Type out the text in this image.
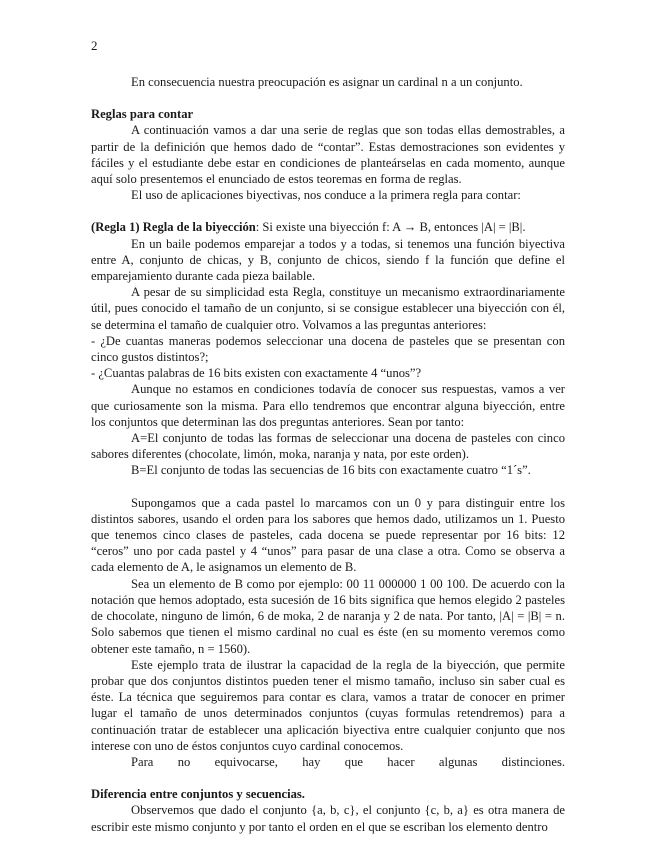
2

En consecuencia nuestra preocupación es asignar un cardinal n a un conjunto.

Reglas para contar

A continuación vamos a dar una serie de reglas que son todas ellas demostrables, a partir de la definición que hemos dado de “contar”. Estas demostraciones son evidentes y fáciles y el estudiante debe estar en condiciones de planteárselas en cada momento, aunque aquí solo presentemos el enunciado de estos teoremas en forma de reglas.

El uso de aplicaciones biyectivas, nos conduce a la primera regla para contar:

(Regla 1) Regla de la biyección: Si existe una biyección f: A → B, entonces |A| = |B|.

En un baile podemos emparejar a todos y a todas, si tenemos una función biyectiva entre A, conjunto de chicas, y B, conjunto de chicos, siendo f la función que define el emparejamiento durante cada pieza bailable.

A pesar de su simplicidad esta Regla, constituye un mecanismo extraordinariamente útil, pues conocido el tamaño de un conjunto, si se consigue establecer una biyección con él, se determina el tamaño de cualquier otro. Volvamos a las preguntas anteriores:

- ¿De cuantas maneras podemos seleccionar una docena de pasteles que se presentan con cinco gustos distintos?;

- ¿Cuantas palabras de 16 bits existen con exactamente 4 “unos”?

Aunque no estamos en condiciones todavía de conocer sus respuestas, vamos a ver que curiosamente son la misma. Para ello tendremos que encontrar alguna biyección, entre los conjuntos que determinan las dos preguntas anteriores. Sean por tanto:

A=El conjunto de todas las formas de seleccionar una docena de pasteles con cinco sabores diferentes (chocolate, limón, moka, naranja y nata, por este orden).

B=El conjunto de todas las secuencias de 16 bits con exactamente cuatro “1´s”.

Supongamos que a cada pastel lo marcamos con un 0 y para distinguir entre los distintos sabores, usando el orden para los sabores que hemos dado, utilizamos un 1. Puesto que tenemos cinco clases de pasteles, cada docena se puede representar por 16 bits: 12 “ceros” uno por cada pastel y 4 “unos” para pasar de una clase a otra. Como se observa a cada elemento de A, le asignamos un elemento de B.

Sea un elemento de B como por ejemplo: 00 11 000000 1 00 100. De acuerdo con la notación que hemos adoptado, esta sucesión de 16 bits significa que hemos elegido 2 pasteles de chocolate, ninguno de limón, 6 de moka, 2 de naranja y 2 de nata. Por tanto, |A| = |B| = n. Solo sabemos que tienen el mismo cardinal no cual es éste (en su momento veremos como obtener este tamaño, n = 1560).

Este ejemplo trata de ilustrar la capacidad de la regla de la biyección, que permite probar que dos conjuntos distintos pueden tener el mismo tamaño, incluso sin saber cual es éste. La técnica que seguiremos para contar es clara, vamos a tratar de conocer en primer lugar el tamaño de unos determinados conjuntos (cuyas formulas retendremos) para a continuación tratar de establecer una aplicación biyectiva entre cualquier conjunto que nos interese con uno de éstos conjuntos cuyo cardinal conocemos.

Para no equivocarse, hay que hacer algunas distinciones.

Diferencia entre conjuntos y secuencias.

Observemos que dado el conjunto {a, b, c}, el conjunto {c, b, a} es otra manera de escribir este mismo conjunto y por tanto el orden en el que se escriban los elemento dentro
